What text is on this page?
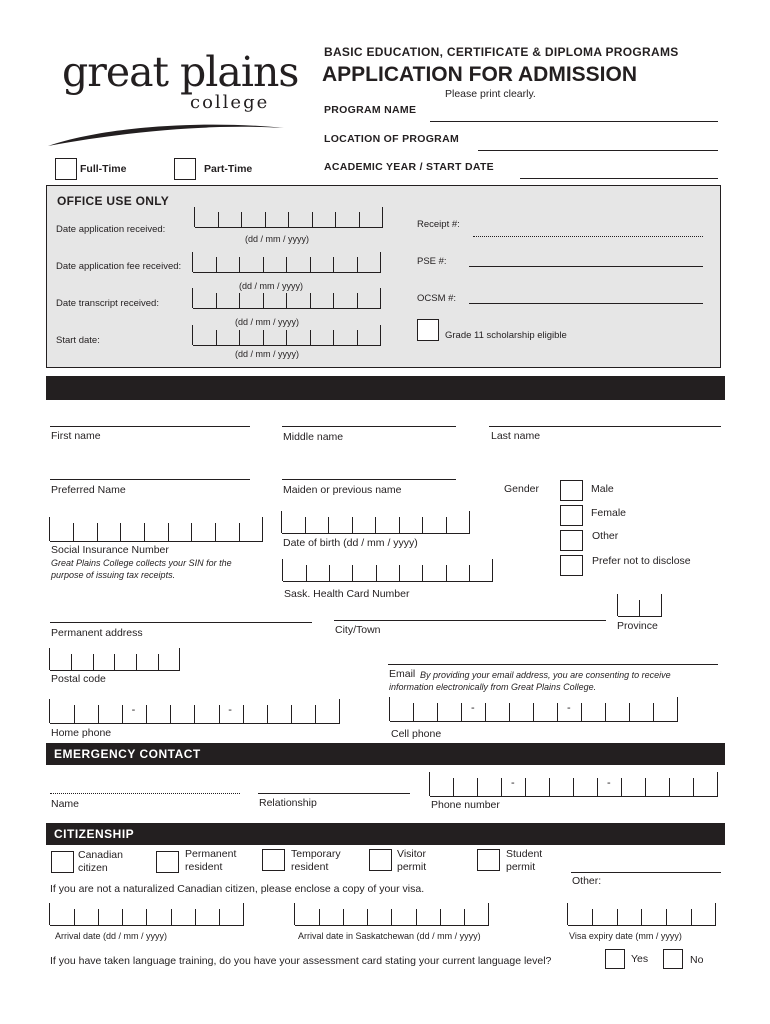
great plains
college
BASIC EDUCATION, CERTIFICATE & DIPLOMA PROGRAMS
APPLICATION FOR ADMISSION
Please print clearly.
PROGRAM NAME
LOCATION OF PROGRAM
ACADEMIC YEAR / START DATE
Full-Time	Part-Time
OFFICE USE ONLY
Date application received:
(dd / mm / yyyy)
Date application fee received:
(dd / mm / yyyy)
Date transcript received:
(dd / mm / yyyy)
Start date:
(dd / mm / yyyy)
Receipt #:
PSE #:
OCSM #:
Grade 11 scholarship eligible
First name	Middle name	Last name
Preferred Name	Maiden or previous name	Gender	Male
Female
Other
Prefer not to disclose
Social Insurance Number
Great Plains College collects your SIN for the
purpose of issuing tax receipts.
Date of birth (dd / mm / yyyy)
Sask. Health Card Number
Permanent address	City/Town	Province
Postal code	Email By providing your email address, you are consenting to receive
information electronically from Great Plains College.
-	-
Home phone
-	-
Cell phone
EMERGENCY CONTACT
Name	Relationship
-	-
Phone number
CITIZENSHIP
Canadian
citizen
Permanent
resident
Temporary
resident
Visitor
permit
Student
permit
Other:
If you are not a naturalized Canadian citizen, please enclose a copy of your visa.
Arrival date (dd / mm / yyyy)	Arrival date in Saskatchewan (dd / mm / yyyy)	Visa expiry date (mm / yyyy)
If you have taken language training, do you have your assessment card stating your current language level?	Yes	No
